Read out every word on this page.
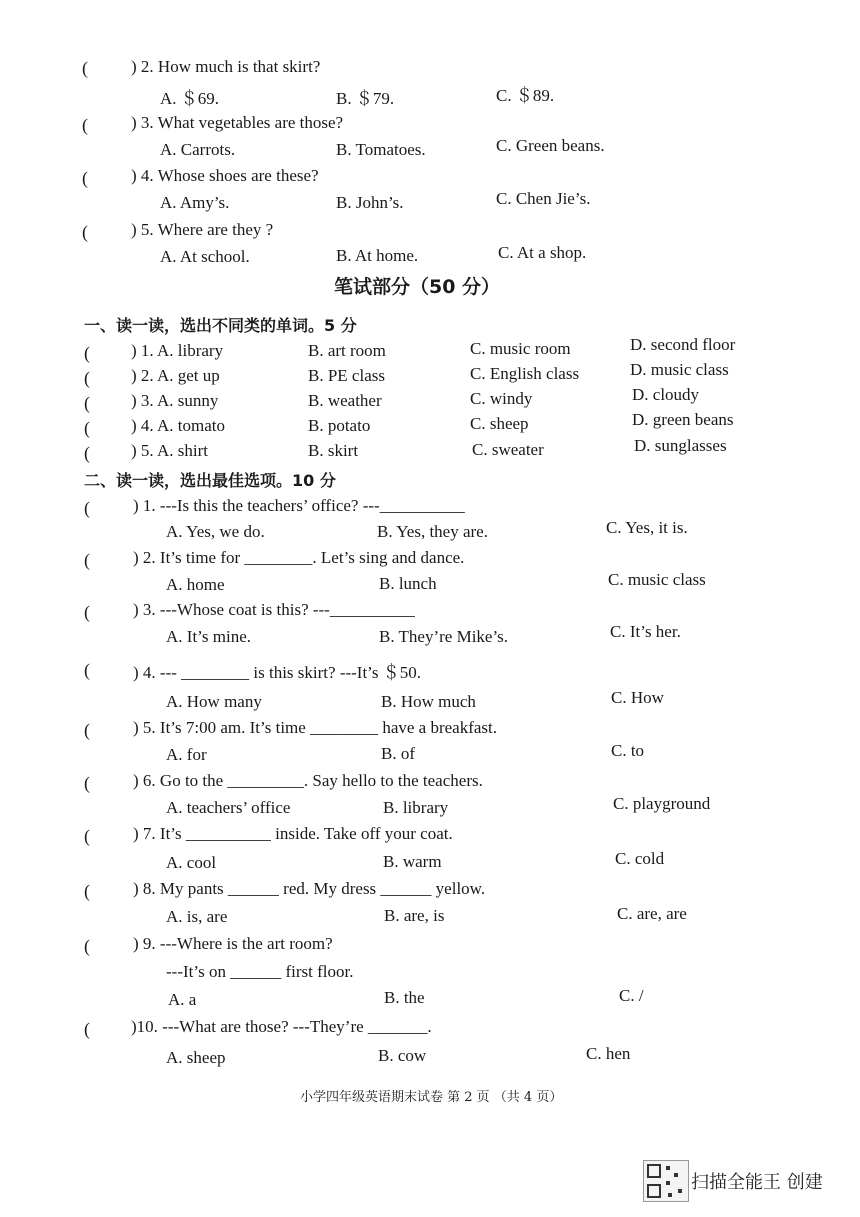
(	) 2. How much is that skirt?
A. ＄69.	B. ＄79.	C. ＄89.
(	) 3. What vegetables are those?
A. Carrots.	B. Tomatoes.	C. Green beans.
(	) 4. Whose shoes are these?
A. Amy’s.	B. John’s.	C. Chen Jie’s.
(	) 5. Where are they ?
A. At school.	B. At home.	C. At a shop.
笔试部分（50 分）
一、读一读，选出不同类的单词。5 分
( ) 1. A. library	B. art room	C. music room	D. second floor
( ) 2. A. get up	B. PE class	C. English class	D. music class
( ) 3. A. sunny	B. weather	C. windy	D. cloudy
( ) 4. A. tomato	B. potato	C. sheep	D. green beans
( ) 5. A. shirt	B. skirt	C. sweater	D. sunglasses
二、读一读，选出最佳选项。10 分
(	) 1. ---Is this the teachers’ office? ---__________
A. Yes, we do.	B. Yes, they are.	C. Yes, it is.
(	) 2. It’s time for ________. Let’s sing and dance.
A. home	B. lunch	C. music class
(	) 3. ---Whose coat is this? ---__________
A. It’s mine.	B. They’re Mike’s.	C. It’s her.
(	) 4. --- ________ is this skirt? ---It’s ＄50.
A. How many	B. How much	C. How
(	) 5. It’s 7:00 am. It’s time ________ have a breakfast.
A. for	B. of	C. to
(	) 6. Go to the _________. Say hello to the teachers.
A. teachers’ office	B. library	C. playground
(	) 7. It’s __________ inside. Take off your coat.
A. cool	B. warm	C. cold
(	) 8. My pants ______ red. My dress ______ yellow.
A. is, are	B. are, is	C. are, are
(	) 9. ---Where is the art room?
---It’s on ______ first floor.
A. a	B. the	C. /
( )10. ---What are those? ---They’re _______.
A. sheep	B. cow	C. hen
小学四年级英语期末试卷 第 2 页 （共 4 页）
扫描全能王 创建
